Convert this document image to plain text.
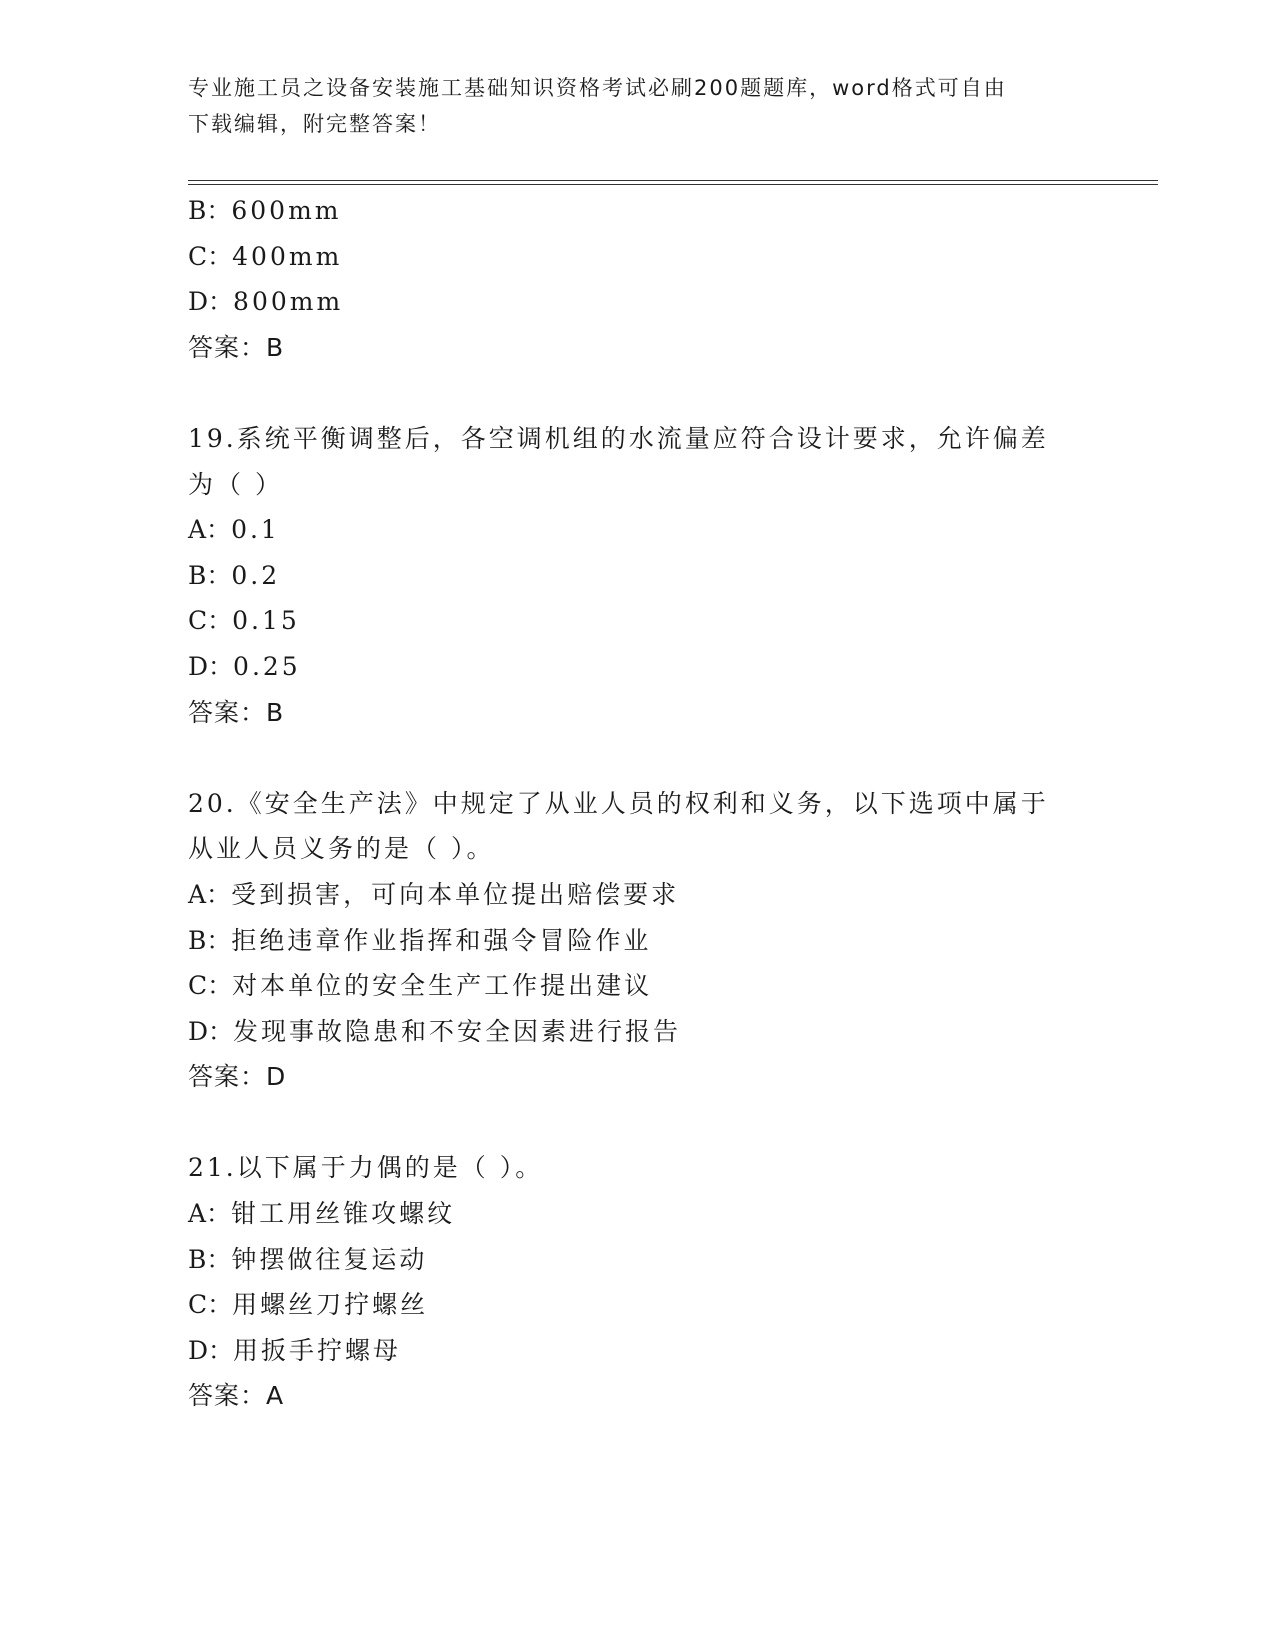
专业施工员之设备安装施工基础知识资格考试必刷200题题库，word格式可自由
下载编辑，附完整答案！
B：600mm
C：400mm
D：800mm
答案：B
19.系统平衡调整后，各空调机组的水流量应符合设计要求，允许偏差
为（ ）
A：0.1
B：0.2
C：0.15
D：0.25
答案：B
20.《安全生产法》中规定了从业人员的权利和义务，以下选项中属于
从业人员义务的是（ ）。
A：受到损害，可向本单位提出赔偿要求
B：拒绝违章作业指挥和强令冒险作业
C：对本单位的安全生产工作提出建议
D：发现事故隐患和不安全因素进行报告
答案：D
21.以下属于力偶的是（ ）。
A：钳工用丝锥攻螺纹
B：钟摆做往复运动
C：用螺丝刀拧螺丝
D：用扳手拧螺母
答案：A
